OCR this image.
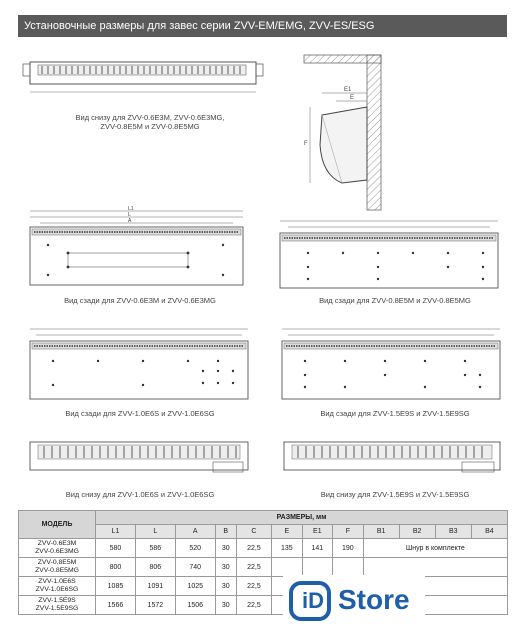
Установочные размеры для завес серии ZVV-EM/EMG, ZVV-ES/ESG
Вид снизу для ZVV-0.6E3M, ZVV-0.6E3MG,
ZVV-0.8E5M и ZVV-0.8E5MG
E1
E
F
L1
L
A
Вид сзади для ZVV-0.6E3M и ZVV-0.6E3MG	Вид сзади для ZVV-0.8E5M и ZVV-0.8E5MG
Вид сзади для ZVV-1.0E6S и ZVV-1.0E6SG	Вид сзади для ZVV-1.5E9S и ZVV-1.5E9SG
Вид снизу для ZVV-1.0E6S и ZVV-1.0E6SG	Вид снизу для ZVV-1.5E9S и ZVV-1.5E9SG
МОДЕЛЬ	РАЗМЕРЫ, мм											
	L1	L	A	B	C	E	E1	F	B1	B2	B3	B4

ZVV-0.6E3M
ZVV-0.6E3MG	580	586	520	30	22,5	135	141	190	Шнур в комплекте			

ZVV-0.8E5M
ZVV-0.8E5MG	800	806	740	30	22,5							

ZVV-1.0E6S
ZVV-1.0E6SG	1085	1091	1025	30	22,5							

ZVV-1.5E9S
ZVV-1.5E9SG	1566	1572	1506	30	22,5							iD Store
